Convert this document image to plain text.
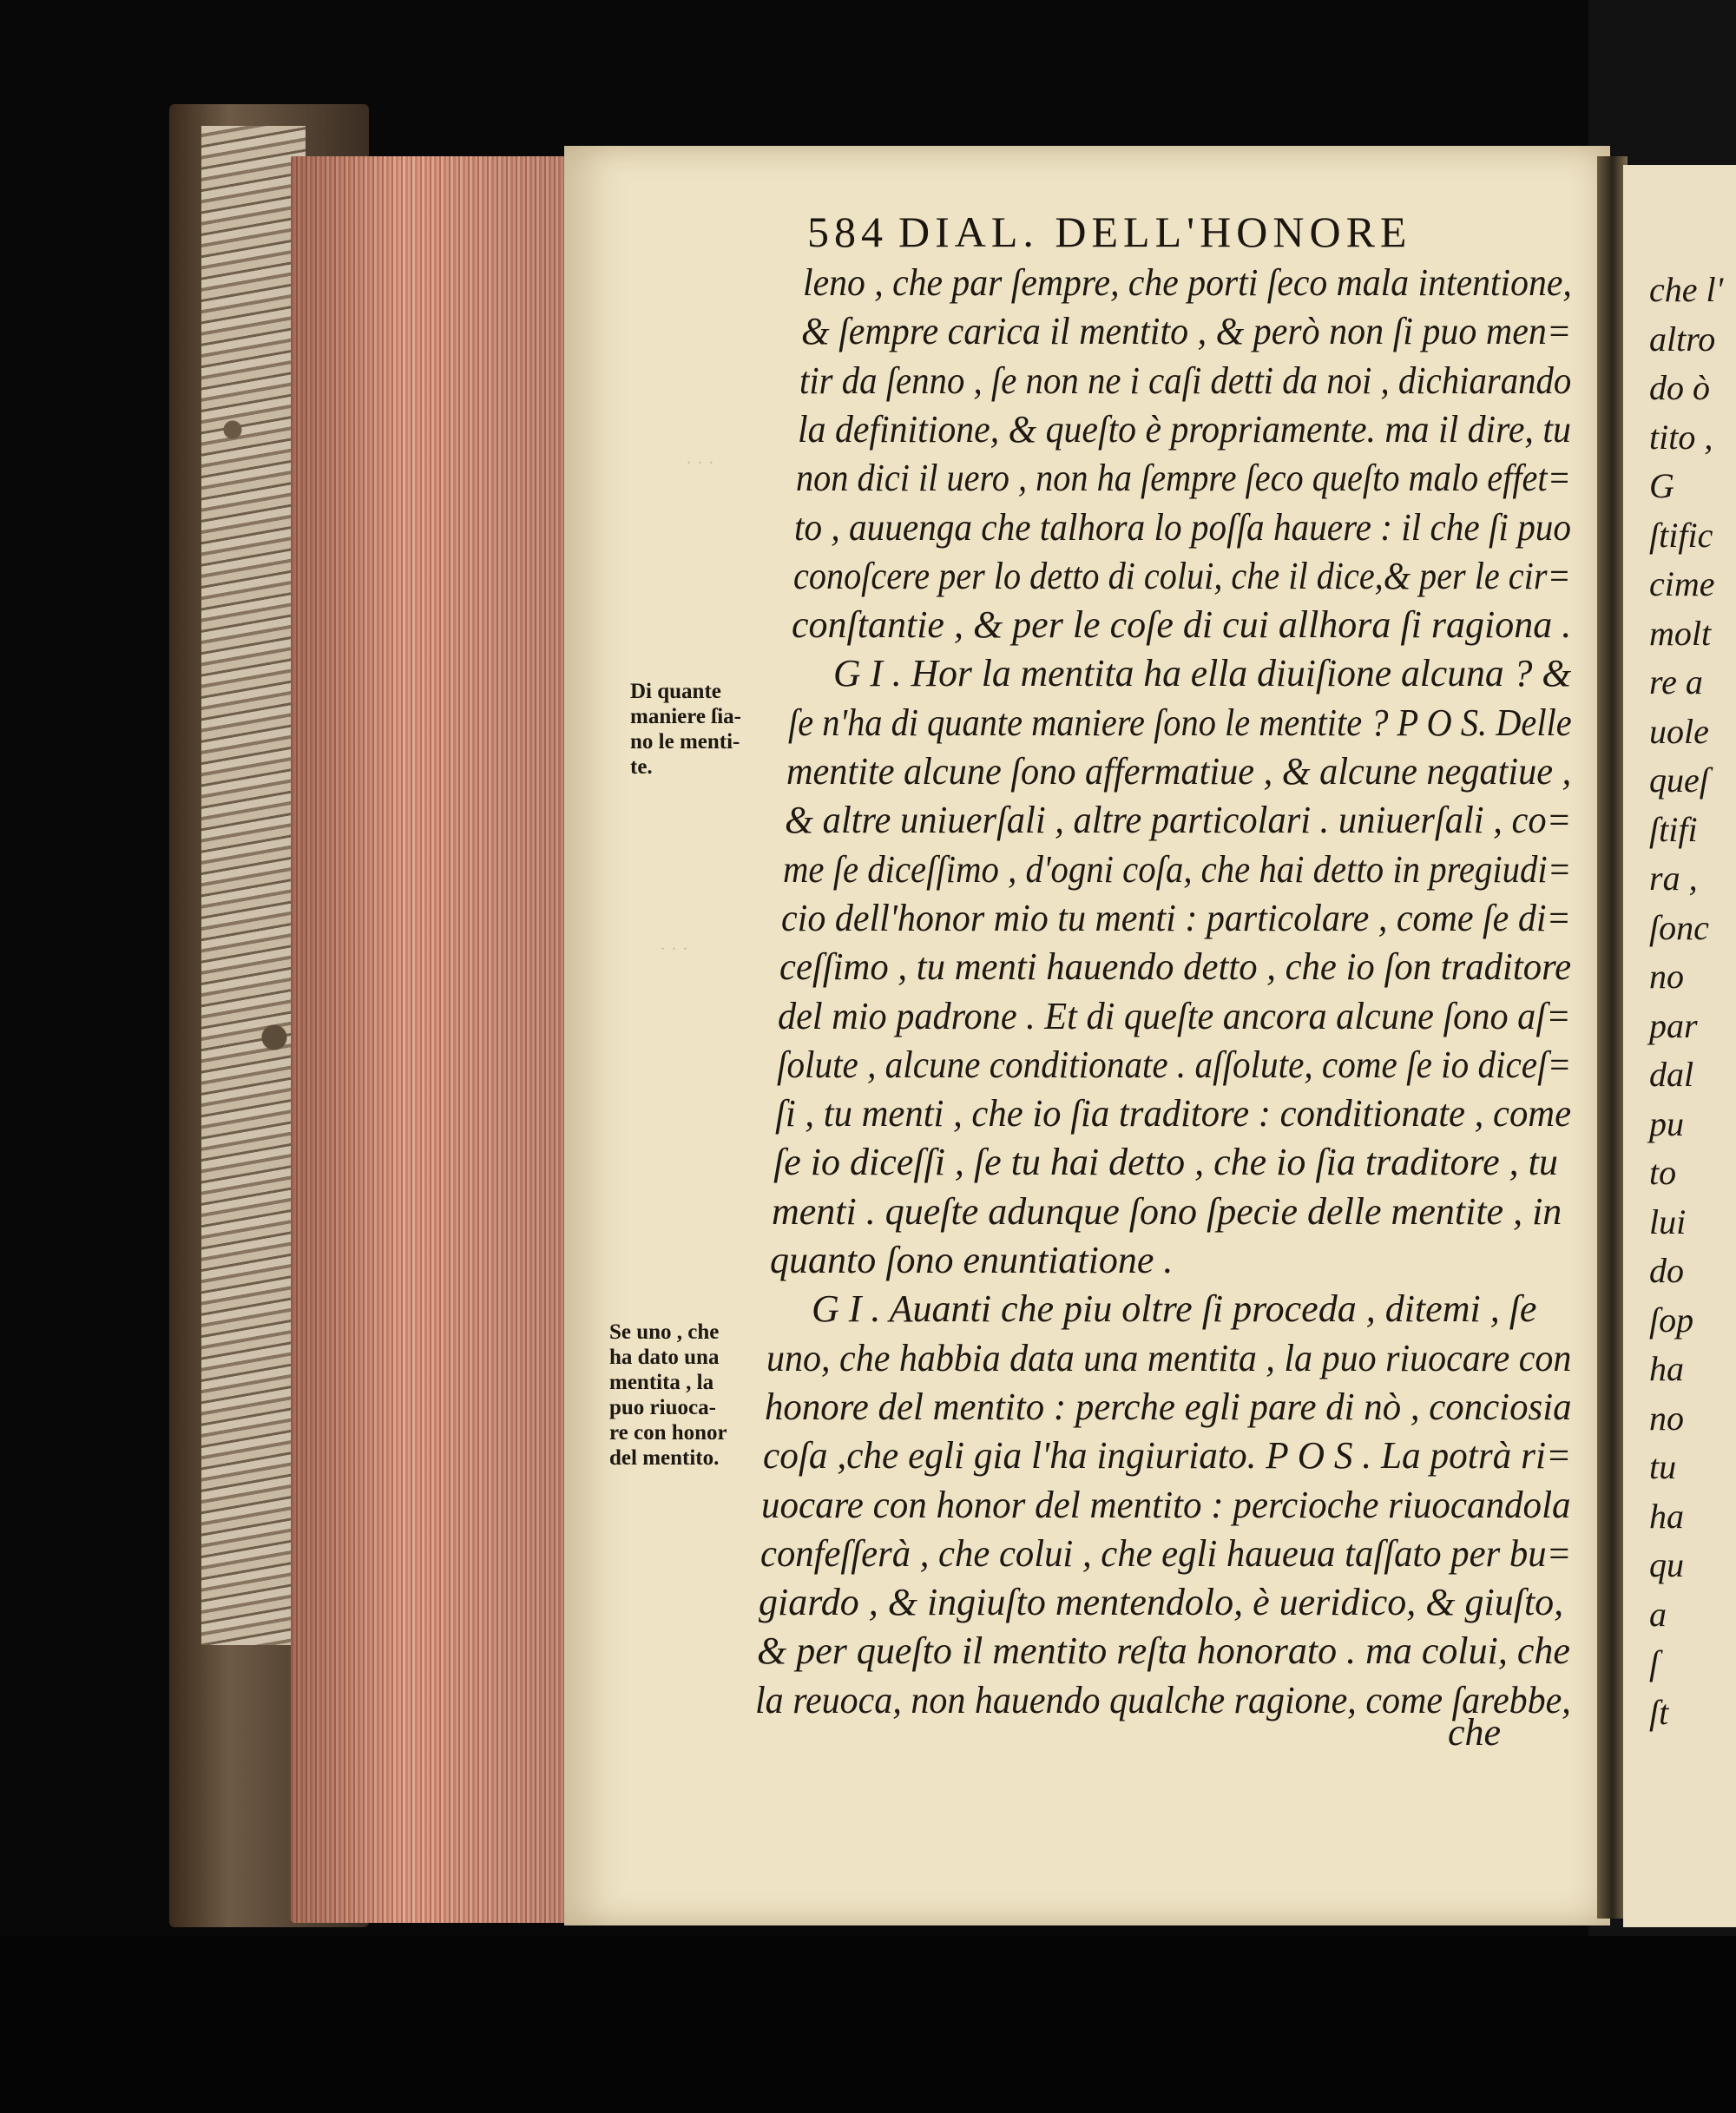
che l'
altro
do ò
tito ,
G
ſtific
cime
molt
re a
uole
queſ
ſtifi
ra ,
ſonc
no
par
dal
pu
to
lui
do
ſop
ha
no
tu
ha
qu
a
ſ
ſt
· · ·
· · ·
584 DIAL. DELL'HONORE
leno , che par ſempre, che porti ſeco mala intentione,
& ſempre carica il mentito , & però non ſi puo men=
tir da ſenno , ſe non ne i caſi detti da noi , dichiarando
la definitione, & queſto è propriamente. ma il dire, tu
non dici il uero , non ha ſempre ſeco queſto malo effet=
to , auuenga che talhora lo poſſa hauere : il che ſi puo
conoſcere per lo detto di colui, che il dice,& per le cir=
conſtantie , & per le coſe di cui allhora ſi ragiona .
G I . Hor la mentita ha ella diuiſione alcuna ? &
ſe n'ha di quante maniere ſono le mentite ? P O S. Delle
mentite alcune ſono affermatiue , & alcune negatiue ,
& altre uniuerſali , altre particolari . uniuerſali , co=
me ſe diceſſimo , d'ogni coſa, che hai detto in pregiudi=
cio dell'honor mio tu menti : particolare , come ſe di=
ceſſimo , tu menti hauendo detto , che io ſon traditore
del mio padrone . Et di queſte ancora alcune ſono aſ=
ſolute , alcune conditionate . aſſolute, come ſe io diceſ=
ſi , tu menti , che io ſia traditore : conditionate , come
ſe io diceſſi , ſe tu hai detto , che io ſia traditore , tu
menti . queſte adunque ſono ſpecie delle mentite , in
quanto ſono enuntiatione .
G I . Auanti che piu oltre ſi proceda , ditemi , ſe
uno, che habbia data una mentita , la puo riuocare con
honore del mentito : perche egli pare di nò , conciosia
coſa ,che egli gia l'ha ingiuriato. P O S . La potrà ri=
uocare con honor del mentito : percioche riuocandola
confeſſerà , che colui , che egli haueua taſſato per bu=
giardo , & ingiuſto mentendolo, è ueridico, & giuſto,
& per queſto il mentito reſta honorato . ma colui, che
la reuoca, non hauendo qualche ragione, come ſarebbe,
Di quante
maniere ſia-
no le menti-
te.
Se uno , che
ha dato una
mentita , la
puo riuoca-
re con honor
del mentito.
che
